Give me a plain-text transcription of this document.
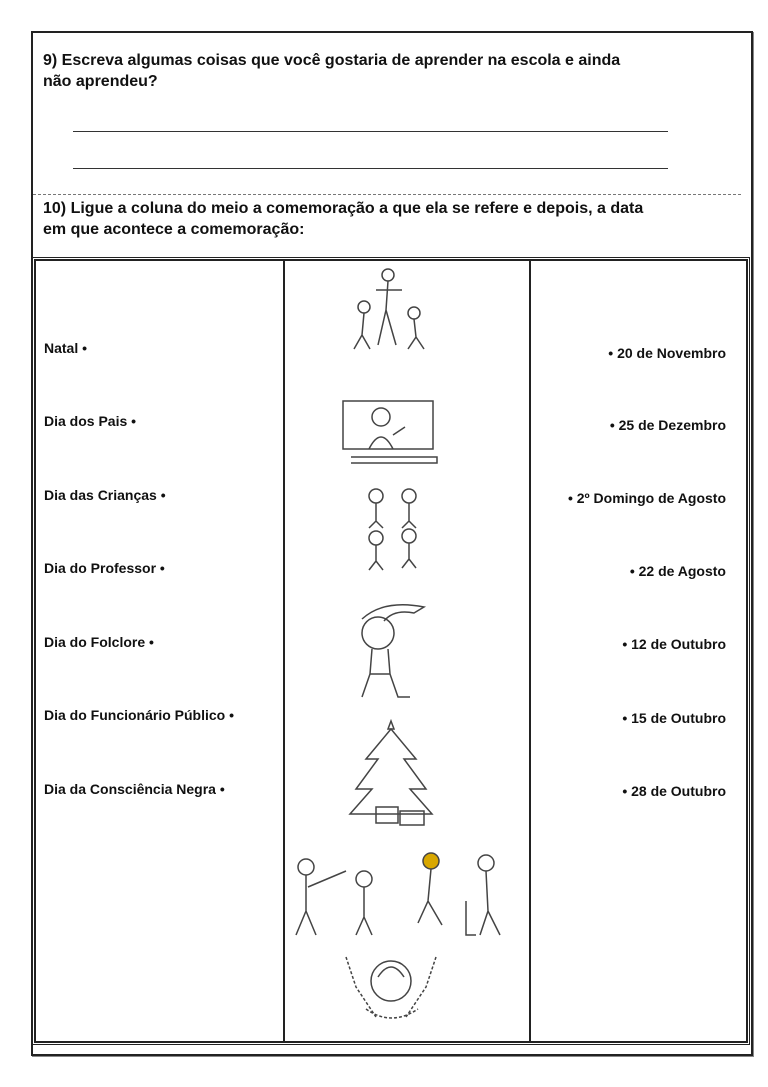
9) Escreva algumas coisas que você gostaria de aprender na escola e ainda
não aprendeu?
10) Ligue a coluna do meio a comemoração a que ela se refere e depois, a data
em que acontece a comemoração:
Natal •
Dia dos Pais •
Dia das Crianças •
Dia do Professor •
Dia do Folclore •
Dia do Funcionário Público •
Dia da Consciência Negra •
• 20 de Novembro
• 25 de Dezembro
• 2º Domingo de Agosto
• 22 de Agosto
• 12 de Outubro
• 15 de Outubro
• 28 de Outubro
